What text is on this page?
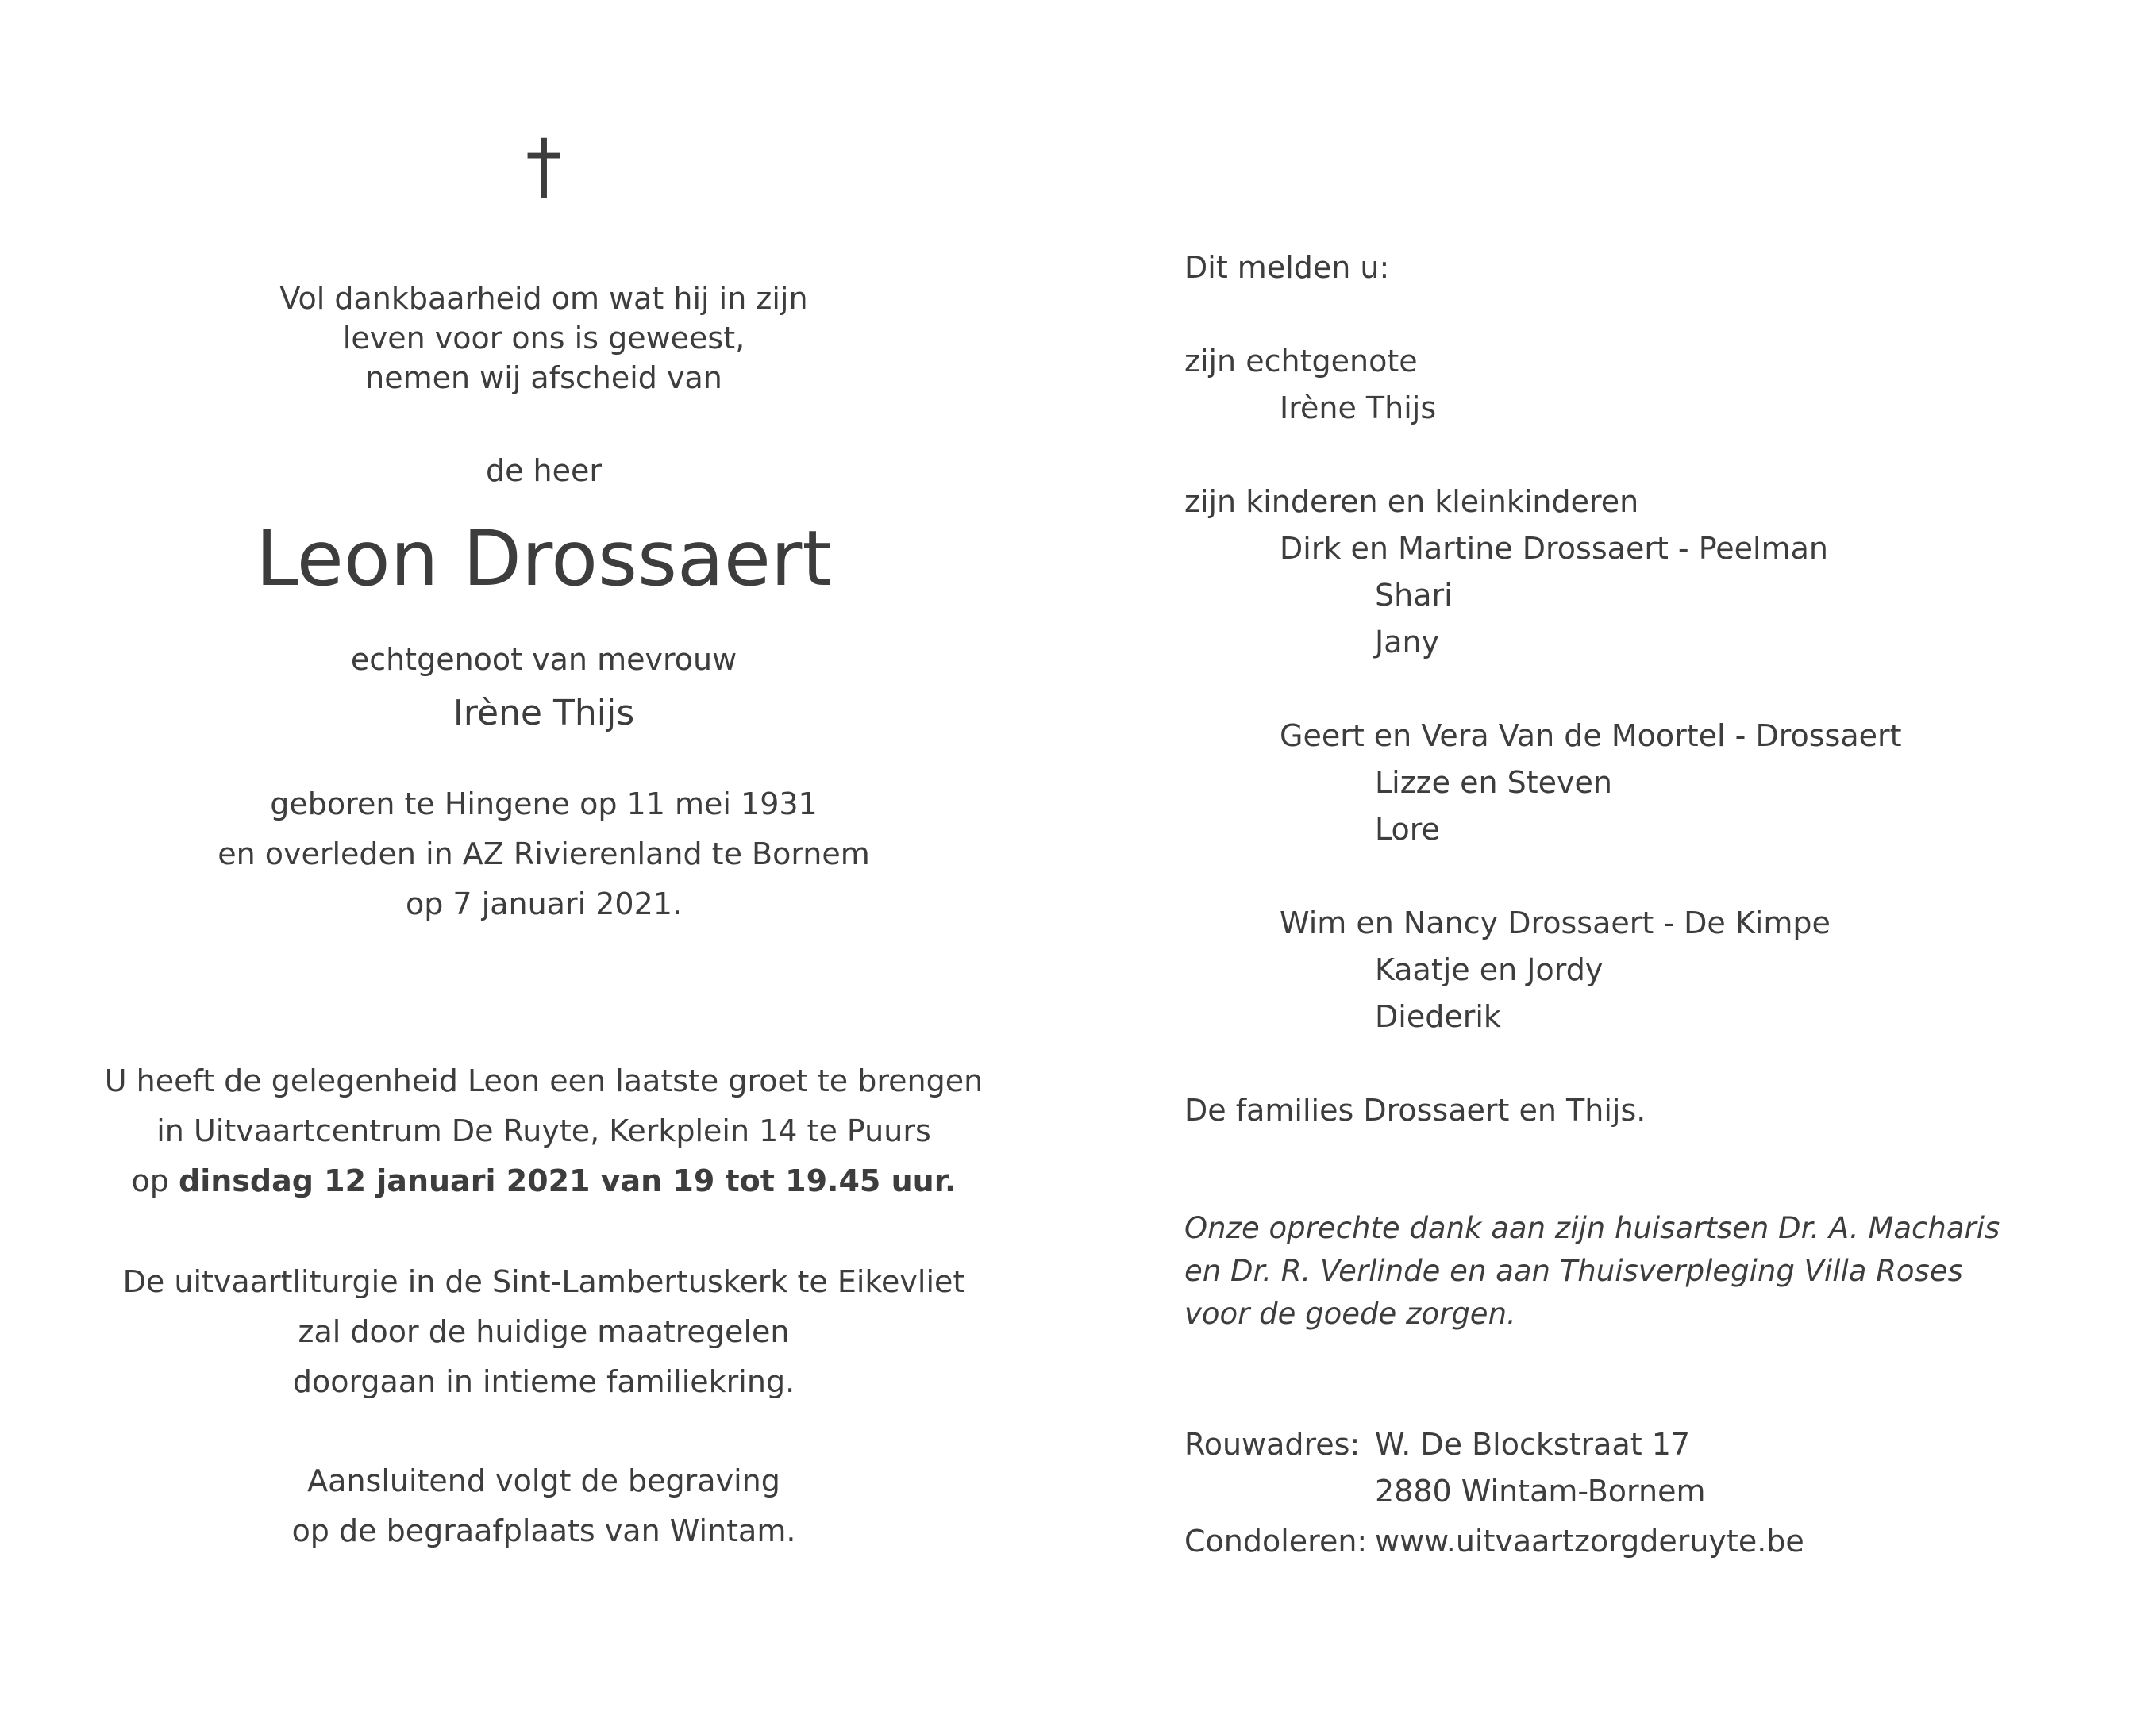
†
Vol dankbaarheid om wat hij in zijn
leven voor ons is geweest,
nemen wij afscheid van
de heer
Leon Drossaert
echtgenoot van mevrouw
Irène Thijs
geboren te Hingene op 11 mei 1931
en overleden in AZ Rivierenland te Bornem
op 7 januari 2021.
U heeft de gelegenheid Leon een laatste groet te brengen
in Uitvaartcentrum De Ruyte, Kerkplein 14 te Puurs
op dinsdag 12 januari 2021 van 19 tot 19.45 uur.
De uitvaartliturgie in de Sint-Lambertuskerk te Eikevliet
zal door de huidige maatregelen
doorgaan in intieme familiekring.
Aansluitend volgt de begraving
op de begraafplaats van Wintam.
Dit melden u:
zijn echtgenote
Irène Thijs
zijn kinderen en kleinkinderen
Dirk en Martine Drossaert - Peelman
Shari
Jany
Geert en Vera Van de Moortel - Drossaert
Lizze en Steven
Lore
Wim en Nancy Drossaert - De Kimpe
Kaatje en Jordy
Diederik
De families Drossaert en Thijs.
Onze oprechte dank aan zijn huisartsen Dr. A. Macharis
en Dr. R. Verlinde en aan Thuisverpleging Villa Roses
voor de goede zorgen.
Rouwadres: W. De Blockstraat 17
2880 Wintam-Bornem
Condoleren: www.uitvaartzorgderuyte.be
